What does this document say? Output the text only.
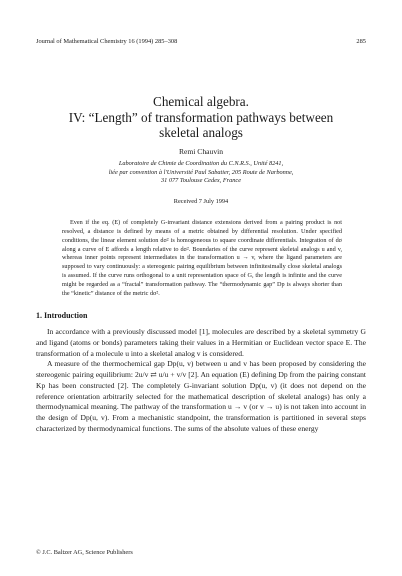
Journal of Mathematical Chemistry 16 (1994) 285–308	285
Chemical algebra.
IV: “Length” of transformation pathways between
skeletal analogs
Remi Chauvin
Laboratoire de Chimie de Coordination du C.N.R.S., Unité 8241,
liée par convention à l'Université Paul Sabatier, 205 Route de Narbonne,
31 077 Toulouse Cedex, France
Received 7 July 1994
Even if the eq. (E) of completely G-invariant distance extensions derived from a pairing product is not resolved, a distance is defined by means of a metric obtained by differential resolution. Under specified conditions, the linear element solution dσ² is homogeneous to square coordinate differentials. Integration of dσ along a curve of E affords a length relative to dσ². Boundaries of the curve represent skeletal analogs u and v, whereas inner points represent intermediates in the transformation u → v, where the ligand parameters are supposed to vary continuously: a stereogenic pairing equilibrium between infinitesimally close skeletal analogs is assumed. If the curve runs orthogonal to a unit representation space of G, the length is infinite and the curve might be regarded as a “fractal” transformation pathway. The “thermodynamic gap” Dp is always shorter than the “kinetic” distance of the metric dσ².
1. Introduction

In accordance with a previously discussed model [1], molecules are described by a skeletal symmetry G and ligand (atoms or bonds) parameters taking their values in a Hermitian or Euclidean vector space E. The transformation of a molecule u into a skeletal analog v is considered.

A measure of the thermochemical gap Dp(u, v) between u and v has been proposed by considering the stereogenic pairing equilibrium: 2u/v ⇄ u/u + v/v [2]. An equation (E) defining Dp from the pairing constant Kp has been constructed [2]. The completely G-invariant solution Dp(u, v) (it does not depend on the reference orientation arbitrarily selected for the mathematical description of skeletal analogs) has only a thermodynamical meaning. The pathway of the transformation u → v (or v → u) is not taken into account in the design of Dp(u, v). From a mechanistic standpoint, the transformation is partitioned in several steps characterized by thermodynamical functions. The sums of the absolute values of these energy

© J.C. Baltzer AG, Science Publishers
